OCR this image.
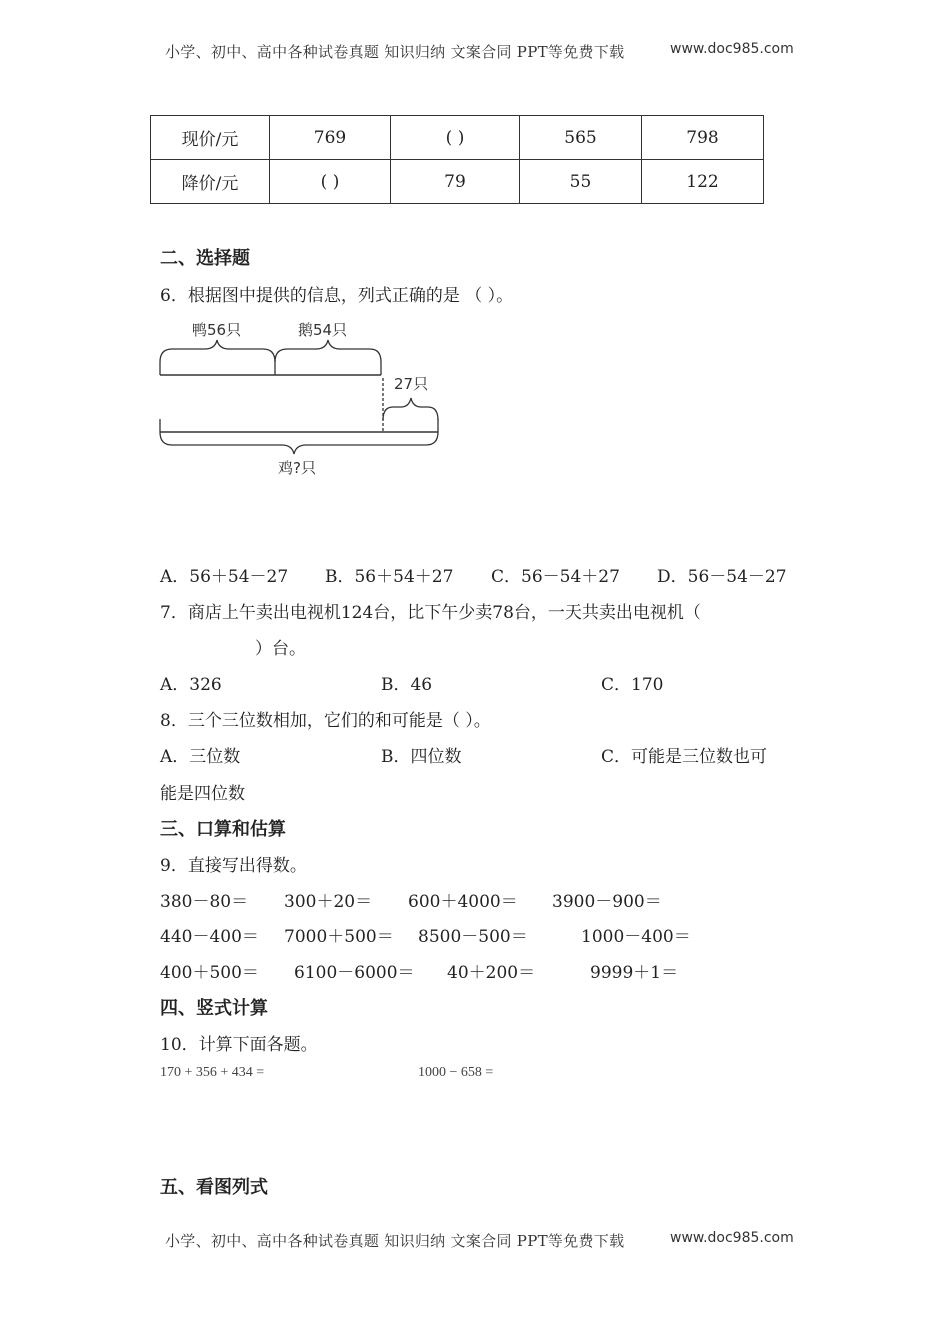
小学、初中、高中各种试卷真题 知识归纳 文案合同 PPT等免费下载	www.doc985.com
现价/元	769	( )	565	798
降价/元	( )	79	55	122
二、选择题
6．根据图中提供的信息，列式正确的是 （ ）。
鸭56只	鹅54只
27只
鸡?只
A．56＋54－27 B．56＋54＋27 C．56－54＋27 D．56－54－27
7．商店上午卖出电视机124台，比下午少卖78台，一天共卖出电视机（
）台。
A．326	B．46	C．170
8．三个三位数相加，它们的和可能是（ ）。
A．三位数	B．四位数	C．可能是三位数也可
能是四位数
三、口算和估算
9．直接写出得数。
380－80＝ 300＋20＝ 600＋4000＝ 3900－900＝
440－400＝ 7000＋500＝ 8500－500＝	1000－400＝
400＋500＝ 6100－6000＝ 40＋200＝	9999＋1＝
四、竖式计算
10．计算下面各题。
170 + 356 + 434 =	1000 − 658 =
五、看图列式
小学、初中、高中各种试卷真题 知识归纳 文案合同 PPT等免费下载	www.doc985.com
